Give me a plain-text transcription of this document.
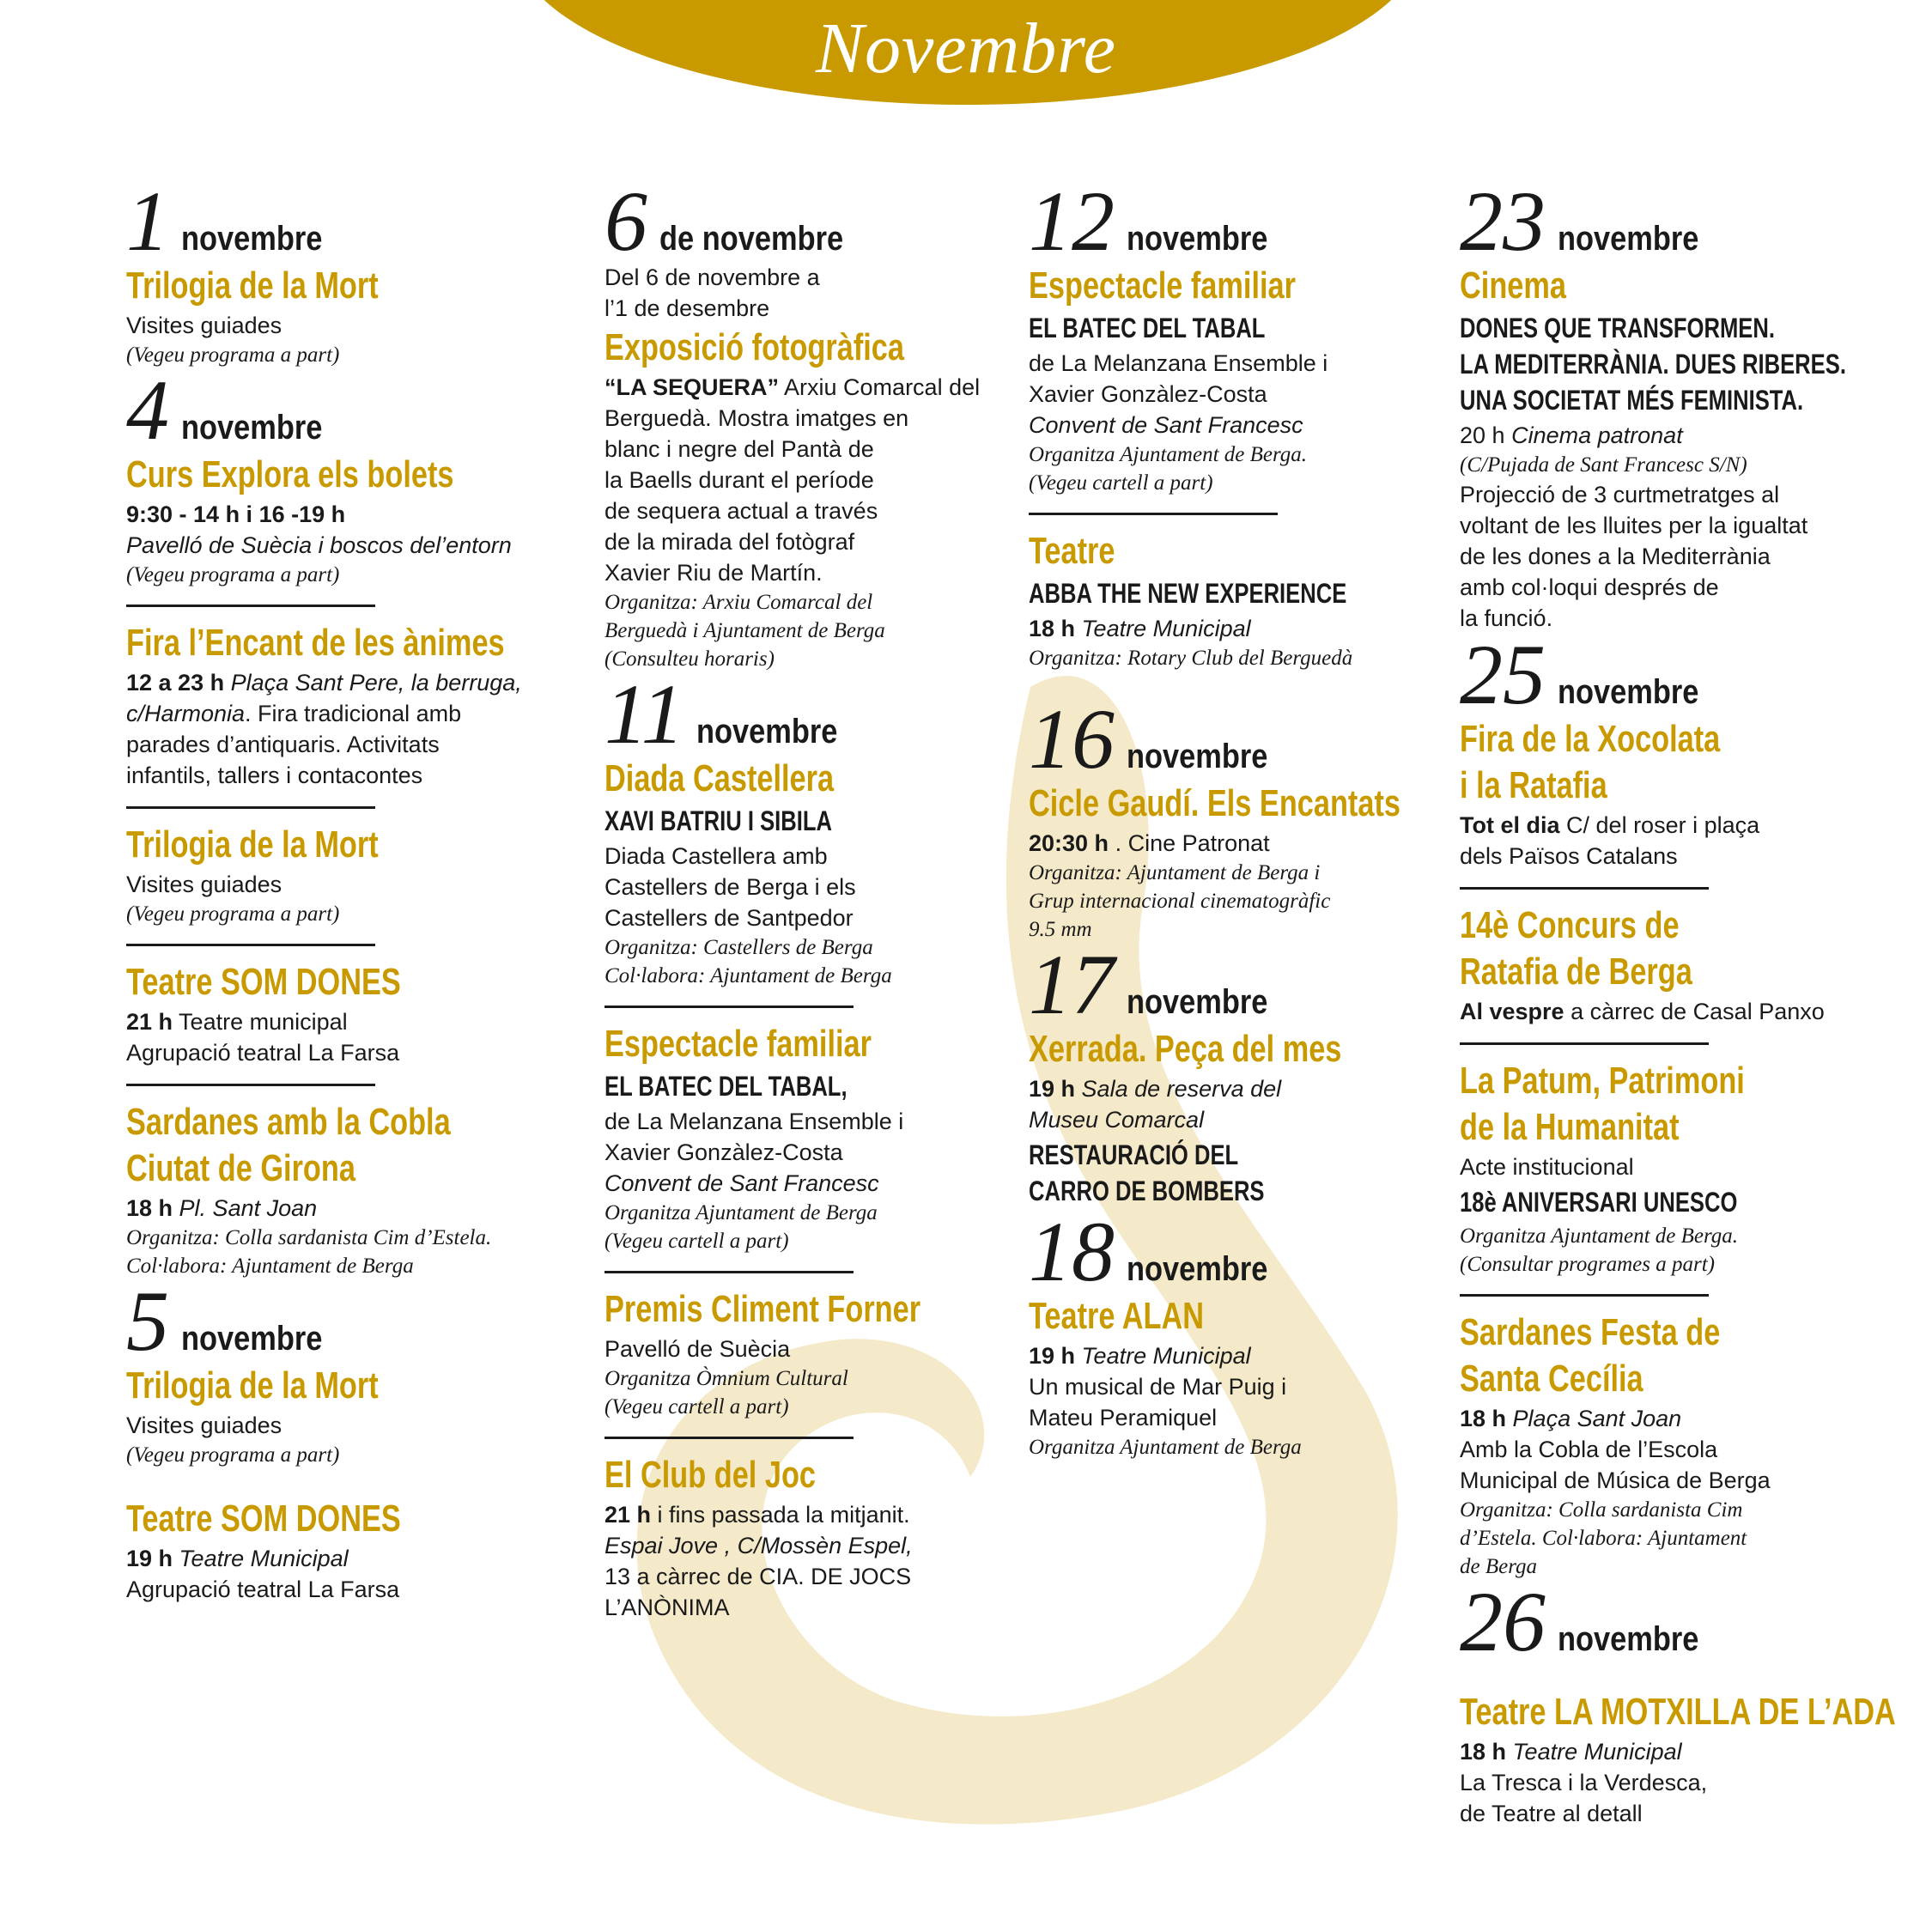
Novembre
1 novembre
Trilogia de la Mort

Visites guiades

(Vegeu programa a part)

4 novembre
Curs Explora els bolets

9:30 - 14 h i 16 -19 h

Pavelló de Suècia i boscos del’entorn

(Vegeu programa a part)

Fira l’Encant de les ànimes

12 a 23 h Plaça Sant Pere, la berruga,

c/Harmonia. Fira tradicional amb

parades d’antiquaris. Activitats

infantils, tallers i contacontes

Trilogia de la Mort

Visites guiades

(Vegeu programa a part)

Teatre SOM DONES

21 h Teatre municipal

Agrupació teatral La Farsa

Sardanes amb la Cobla
Ciutat de Girona

18 h Pl. Sant Joan

Organitza: Colla sardanista Cim d’Estela.

Col·labora: Ajuntament de Berga

5 novembre
Trilogia de la Mort

Visites guiades

(Vegeu programa a part)

Teatre SOM DONES

19 h Teatre Municipal

Agrupació teatral La Farsa

6 de novembre

Del 6 de novembre a

l’1 de desembre

Exposició fotogràfica

“LA SEQUERA” Arxiu Comarcal del

Berguedà. Mostra imatges en

blanc i negre del Pantà de

la Baells durant el període

de sequera actual a través

de la mirada del fotògraf

Xavier Riu de Martín.

Organitza: Arxiu Comarcal del

Berguedà i Ajuntament de Berga

(Consulteu horaris)

11 novembre
Diada Castellera
XAVI BATRIU I SIBILA

Diada Castellera amb

Castellers de Berga i els

Castellers de Santpedor

Organitza: Castellers de Berga

Col·labora: Ajuntament de Berga

Espectacle familiar
EL BATEC DEL TABAL,

de La Melanzana Ensemble i

Xavier Gonzàlez-Costa

Convent de Sant Francesc

Organitza Ajuntament de Berga

(Vegeu cartell a part)

Premis Climent Forner

Pavelló de Suècia

Organitza Òmnium Cultural

(Vegeu cartell a part)

El Club del Joc

21 h i fins passada la mitjanit.

Espai Jove , C/Mossèn Espel,

13 a càrrec de CIA. DE JOCS

L’ANÒNIMA

12 novembre
Espectacle familiar
EL BATEC DEL TABAL

de La Melanzana Ensemble i

Xavier Gonzàlez-Costa

Convent de Sant Francesc

Organitza Ajuntament de Berga.

(Vegeu cartell a part)

Teatre
ABBA THE NEW EXPERIENCE

18 h Teatre Municipal

Organitza: Rotary Club del Berguedà

16 novembre
Cicle Gaudí. Els Encantats

20:30 h . Cine Patronat

Organitza: Ajuntament de Berga i

Grup internacional cinematogràfic

9.5 mm

17 novembre
Xerrada. Peça del mes

19 h Sala de reserva del

Museu Comarcal

RESTAURACIÓ DEL
CARRO DE BOMBERS
18 novembre
Teatre ALAN

19 h Teatre Municipal

Un musical de Mar Puig i

Mateu Peramiquel

Organitza Ajuntament de Berga

23 novembre
Cinema
DONES QUE TRANSFORMEN.
LA MEDITERRÀNIA. DUES RIBERES.
UNA SOCIETAT MÉS FEMINISTA.

20 h Cinema patronat

(C/Pujada de Sant Francesc S/N)

Projecció de 3 curtmetratges al

voltant de les lluites per la igualtat

de les dones a la Mediterrània

amb col·loqui després de

la funció.

25 novembre
Fira de la Xocolata
i la Ratafia

Tot el dia C/ del roser i plaça

dels Països Catalans

14è Concurs de
Ratafia de Berga

Al vespre a càrrec de Casal Panxo

La Patum, Patrimoni
de la Humanitat

Acte institucional

18è ANIVERSARI UNESCO

Organitza Ajuntament de Berga.

(Consultar programes a part)

Sardanes Festa de
Santa Cecília

18 h Plaça Sant Joan

Amb la Cobla de l’Escola

Municipal de Música de Berga

Organitza: Colla sardanista Cim

d’Estela. Col·labora: Ajuntament

de Berga

26 novembre
Teatre LA MOTXILLA DE L’ADA

18 h Teatre Municipal

La Tresca i la Verdesca,

de Teatre al detall
